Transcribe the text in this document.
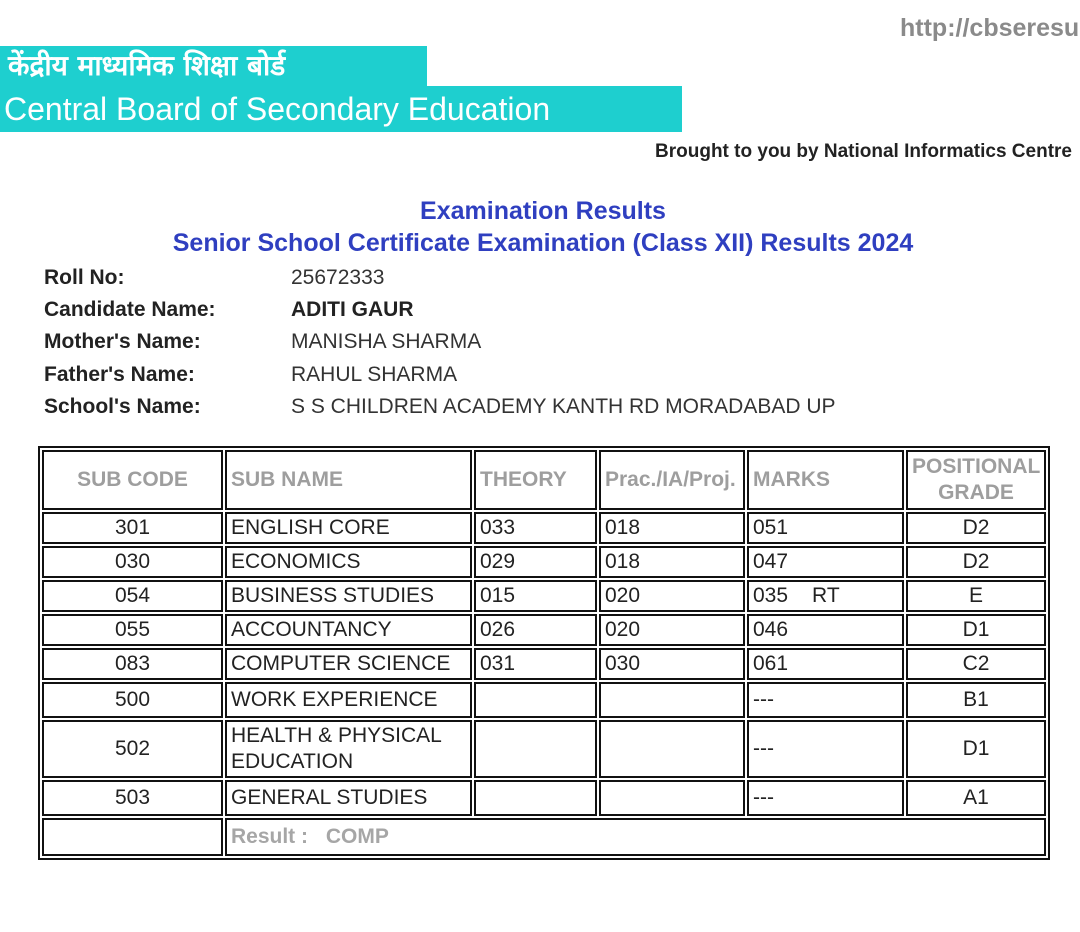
http://cbseresu
केंद्रीय माध्यमिक शिक्षा बोर्ड
Central Board of Secondary Education
Brought to you by National Informatics Centre
Examination Results
Senior School Certificate Examination (Class XII) Results 2024
Roll No:	25672333
Candidate Name:	ADITI GAUR
Mother's Name:	MANISHA SHARMA
Father's Name:	RAHUL SHARMA
School's Name:	S S CHILDREN ACADEMY KANTH RD MORADABAD UP
SUB CODE	SUB NAME	THEORY	Prac./IA/Proj.	MARKS	POSITIONAL GRADE
301	ENGLISH CORE	033	018	051	D2
030	ECONOMICS	029	018	047	D2
054	BUSINESS STUDIES	015	020	035 RT	E
055	ACCOUNTANCY	026	020	046	D1
083	COMPUTER SCIENCE	031	030	061	C2
500	WORK EXPERIENCE			---	B1
502	HEALTH & PHYSICAL EDUCATION			---	D1
503	GENERAL STUDIES			---	A1
	Result : COMP				
